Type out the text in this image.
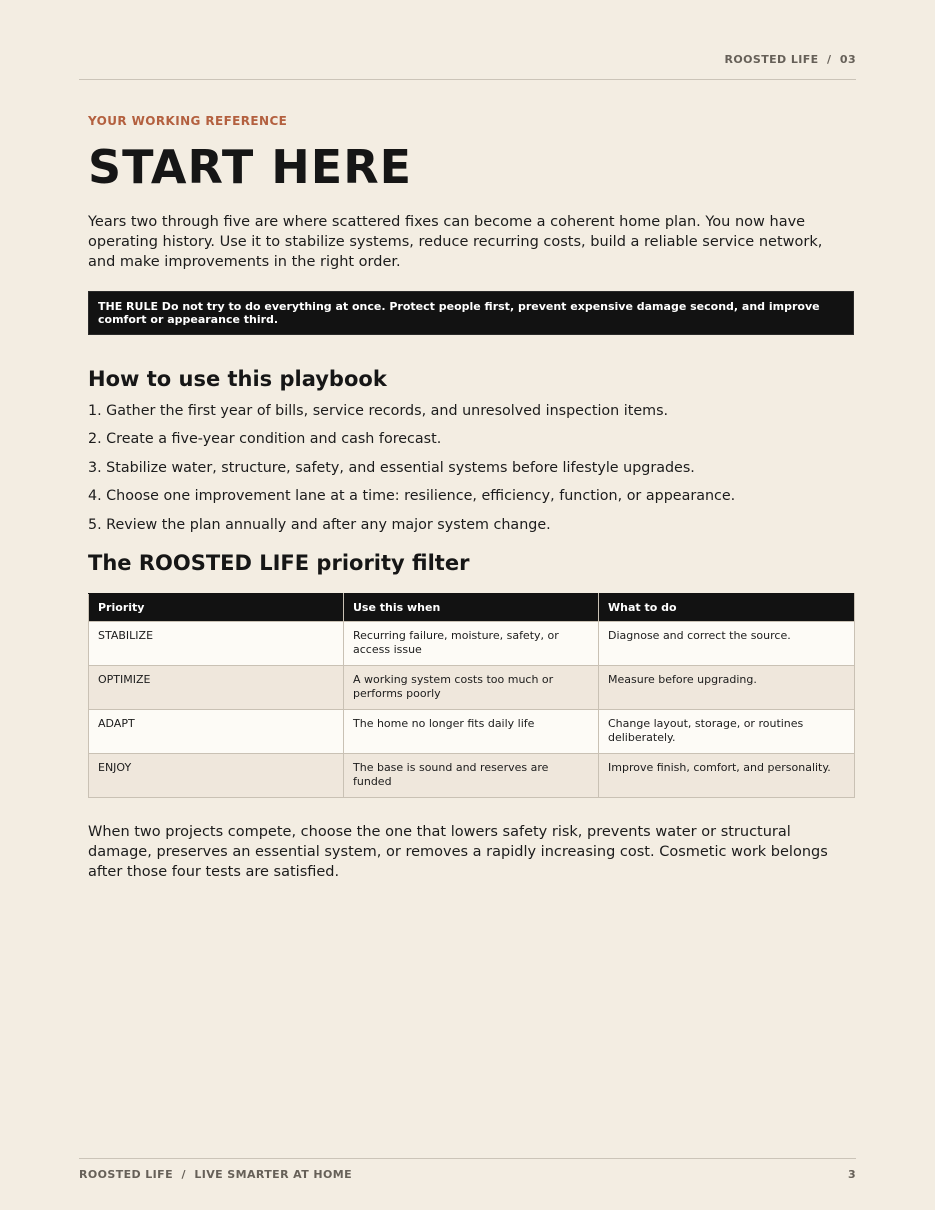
ROOSTED LIFE  /  03
YOUR WORKING REFERENCE
START HERE

Years two through five are where scattered fixes can become a coherent home plan. You now have operating history. Use it to stabilize systems, reduce recurring costs, build a reliable service network, and make improvements in the right order.

THE RULE Do not try to do everything at once. Protect people first, prevent expensive damage second, and improve comfort or appearance third.
How to use this playbook
1. Gather the first year of bills, service records, and unresolved inspection items.
2. Create a five-year condition and cash forecast.
3. Stabilize water, structure, safety, and essential systems before lifestyle upgrades.
4. Choose one improvement lane at a time: resilience, efficiency, function, or appearance.
5. Review the plan annually and after any major system change.
The ROOSTED LIFE priority filter
Priority	Use this when	What to do
STABILIZE	Recurring failure, moisture, safety, or access issue	Diagnose and correct the source.
OPTIMIZE	A working system costs too much or performs poorly	Measure before upgrading.
ADAPT	The home no longer fits daily life	Change layout, storage, or routines deliberately.
ENJOY	The base is sound and reserves are funded	Improve finish, comfort, and personality.

When two projects compete, choose the one that lowers safety risk, prevents water or structural damage, preserves an essential system, or removes a rapidly increasing cost. Cosmetic work belongs after those four tests are satisfied.

ROOSTED LIFE  /  LIVE SMARTER AT HOME	3
